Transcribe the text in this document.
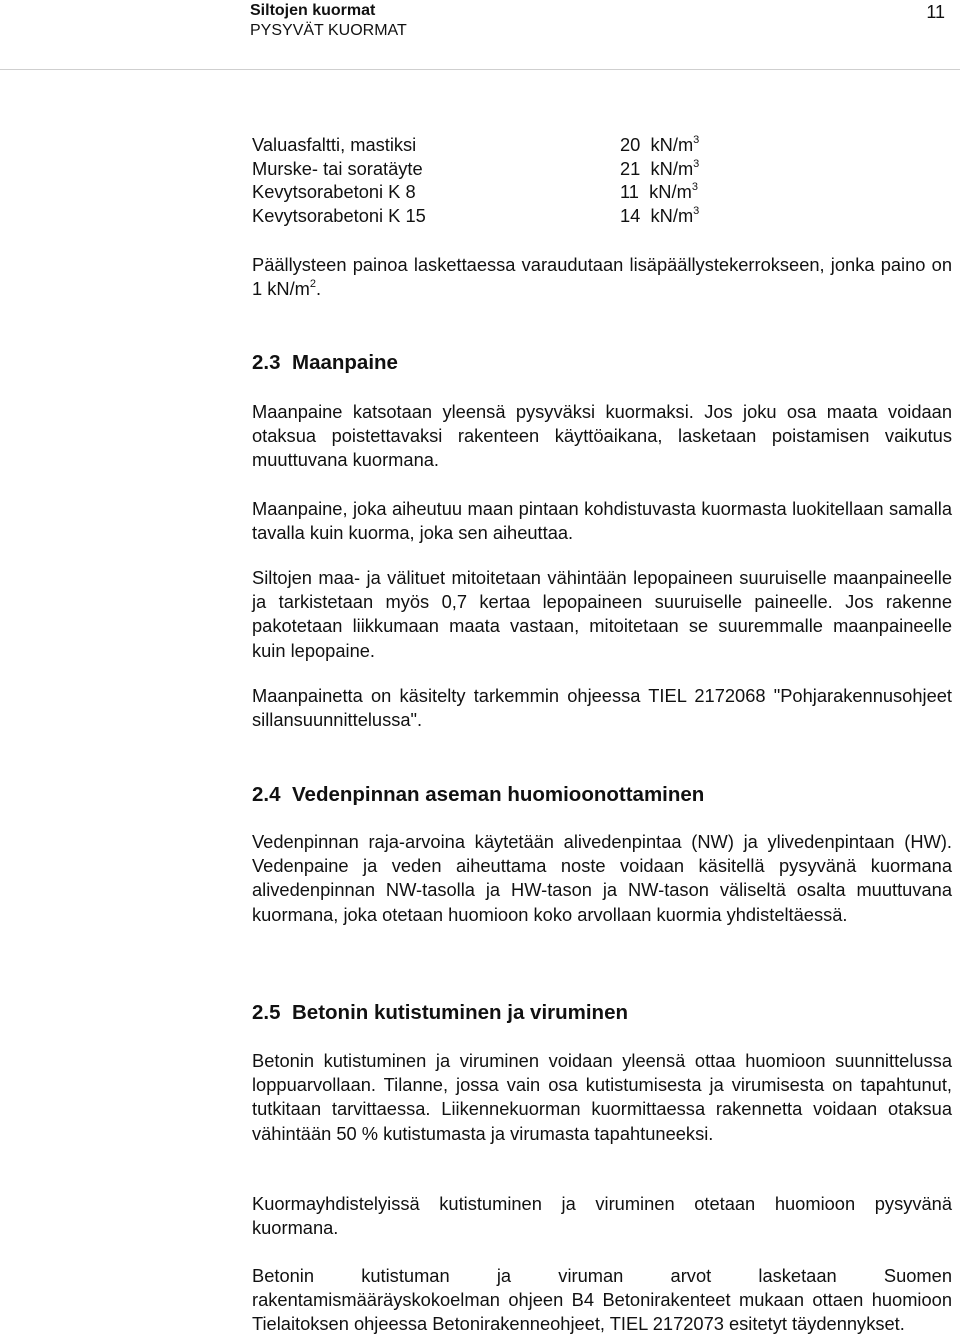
Siltojen kuormat
PYSYVÄT KUORMAT
11
Valuasfaltti, mastiksi	20 $kN/m^3$
Murske- tai soratäyte	21 $kN/m^3$
Kevytsorabetoni K 8	11 $kN/m^3$
Kevytsorabetoni K 15	14 $kN/m^3$

Päällysteen painoa laskettaessa varaudutaan lisäpäällystekerrokseen, jonka paino on 1 $kN/m^2$.

2.3 Maanpaine

Maanpaine katsotaan yleensä pysyväksi kuormaksi. Jos joku osa maata voidaan otaksua poistettavaksi rakenteen käyttöaikana, lasketaan poistamisen vaikutus muuttuvana kuormana.

Maanpaine, joka aiheutuu maan pintaan kohdistuvasta kuormasta luokitellaan samalla tavalla kuin kuorma, joka sen aiheuttaa.

Siltojen maa- ja välituet mitoitetaan vähintään lepopaineen suuruiselle maanpaineelle ja tarkistetaan myös 0,7 kertaa lepopaineen suuruiselle paineelle. Jos rakenne pakotetaan liikkumaan maata vastaan, mitoitetaan se suuremmalle maanpaineelle kuin lepopaine.

Maanpainetta on käsitelty tarkemmin ohjeessa TIEL 2172068 "Pohjarakennusohjeet sillansuunnittelussa".

2.4 Vedenpinnan aseman huomioonottaminen

Vedenpinnan raja-arvoina käytetään alivedenpintaa (NW) ja ylivedenpintaan (HW). Vedenpaine ja veden aiheuttama noste voidaan käsitellä pysyvänä kuormana alivedenpinnan NW-tasolla ja HW-tason ja NW-tason väliseltä osalta muuttuvana kuormana, joka otetaan huomioon koko arvollaan kuormia yhdisteltäessä.

2.5 Betonin kutistuminen ja viruminen

Betonin kutistuminen ja viruminen voidaan yleensä ottaa huomioon suunnittelussa loppuarvollaan. Tilanne, jossa vain osa kutistumisesta ja virumisesta on tapahtunut, tutkitaan tarvittaessa. Liikennekuorman kuormittaessa rakennetta voidaan otaksua vähintään 50 % kutistumasta ja virumasta tapahtuneeksi.

Kuormayhdistelyissä kutistuminen ja viruminen otetaan huomioon pysyvänä kuormana.

Betonin kutistuman ja viruman arvot lasketaan Suomen rakentamismääräyskokoelman ohjeen B4 Betonirakenteet mukaan ottaen huomioon Tielaitoksen ohjeessa Betonirakenneohjeet, TIEL 2172073 esitetyt täydennykset.
